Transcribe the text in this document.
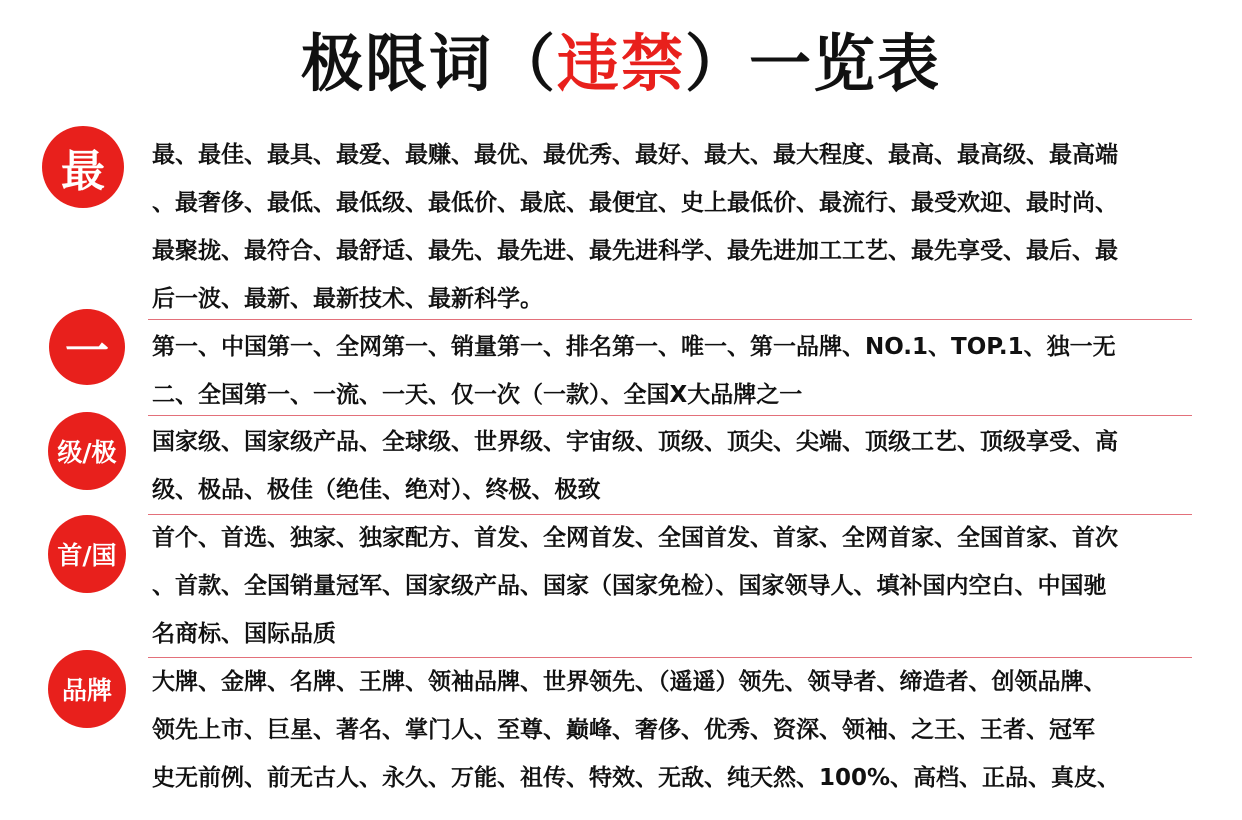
极限词（违禁）一览表
最 最、最佳、最具、最爱、最赚、最优、最优秀、最好、最大、最大程度、最高、最高级、最高端
、最奢侈、最低、最低级、最低价、最底、最便宜、史上最低价、最流行、最受欢迎、最时尚、
最聚拢、最符合、最舒适、最先、最先进、最先进科学、最先进加工工艺、最先享受、最后、最
后一波、最新、最新技术、最新科学。
一 第一、中国第一、全网第一、销量第一、排名第一、唯一、第一品牌、NO.1、TOP.1、独一无
二、全国第一、一流、一天、仅一次（一款）、全国X大品牌之一
级/极 国家级、国家级产品、全球级、世界级、宇宙级、顶级、顶尖、尖端、顶级工艺、顶级享受、高
级、极品、极佳（绝佳、绝对）、终极、极致
首/国
首个、首选、独家、独家配方、首发、全网首发、全国首发、首家、全网首家、全国首家、首次
、首款、全国销量冠军、国家级产品、国家（国家免检）、国家领导人、填补国内空白、中国驰
名商标、国际品质
品牌 大牌、金牌、名牌、王牌、领袖品牌、世界领先、（遥遥）领先、领导者、缔造者、创领品牌、
领先上市、巨星、著名、掌门人、至尊、巅峰、奢侈、优秀、资深、领袖、之王、王者、冠军
史无前例、前无古人、永久、万能、祖传、特效、无敌、纯天然、100%、高档、正品、真皮、
